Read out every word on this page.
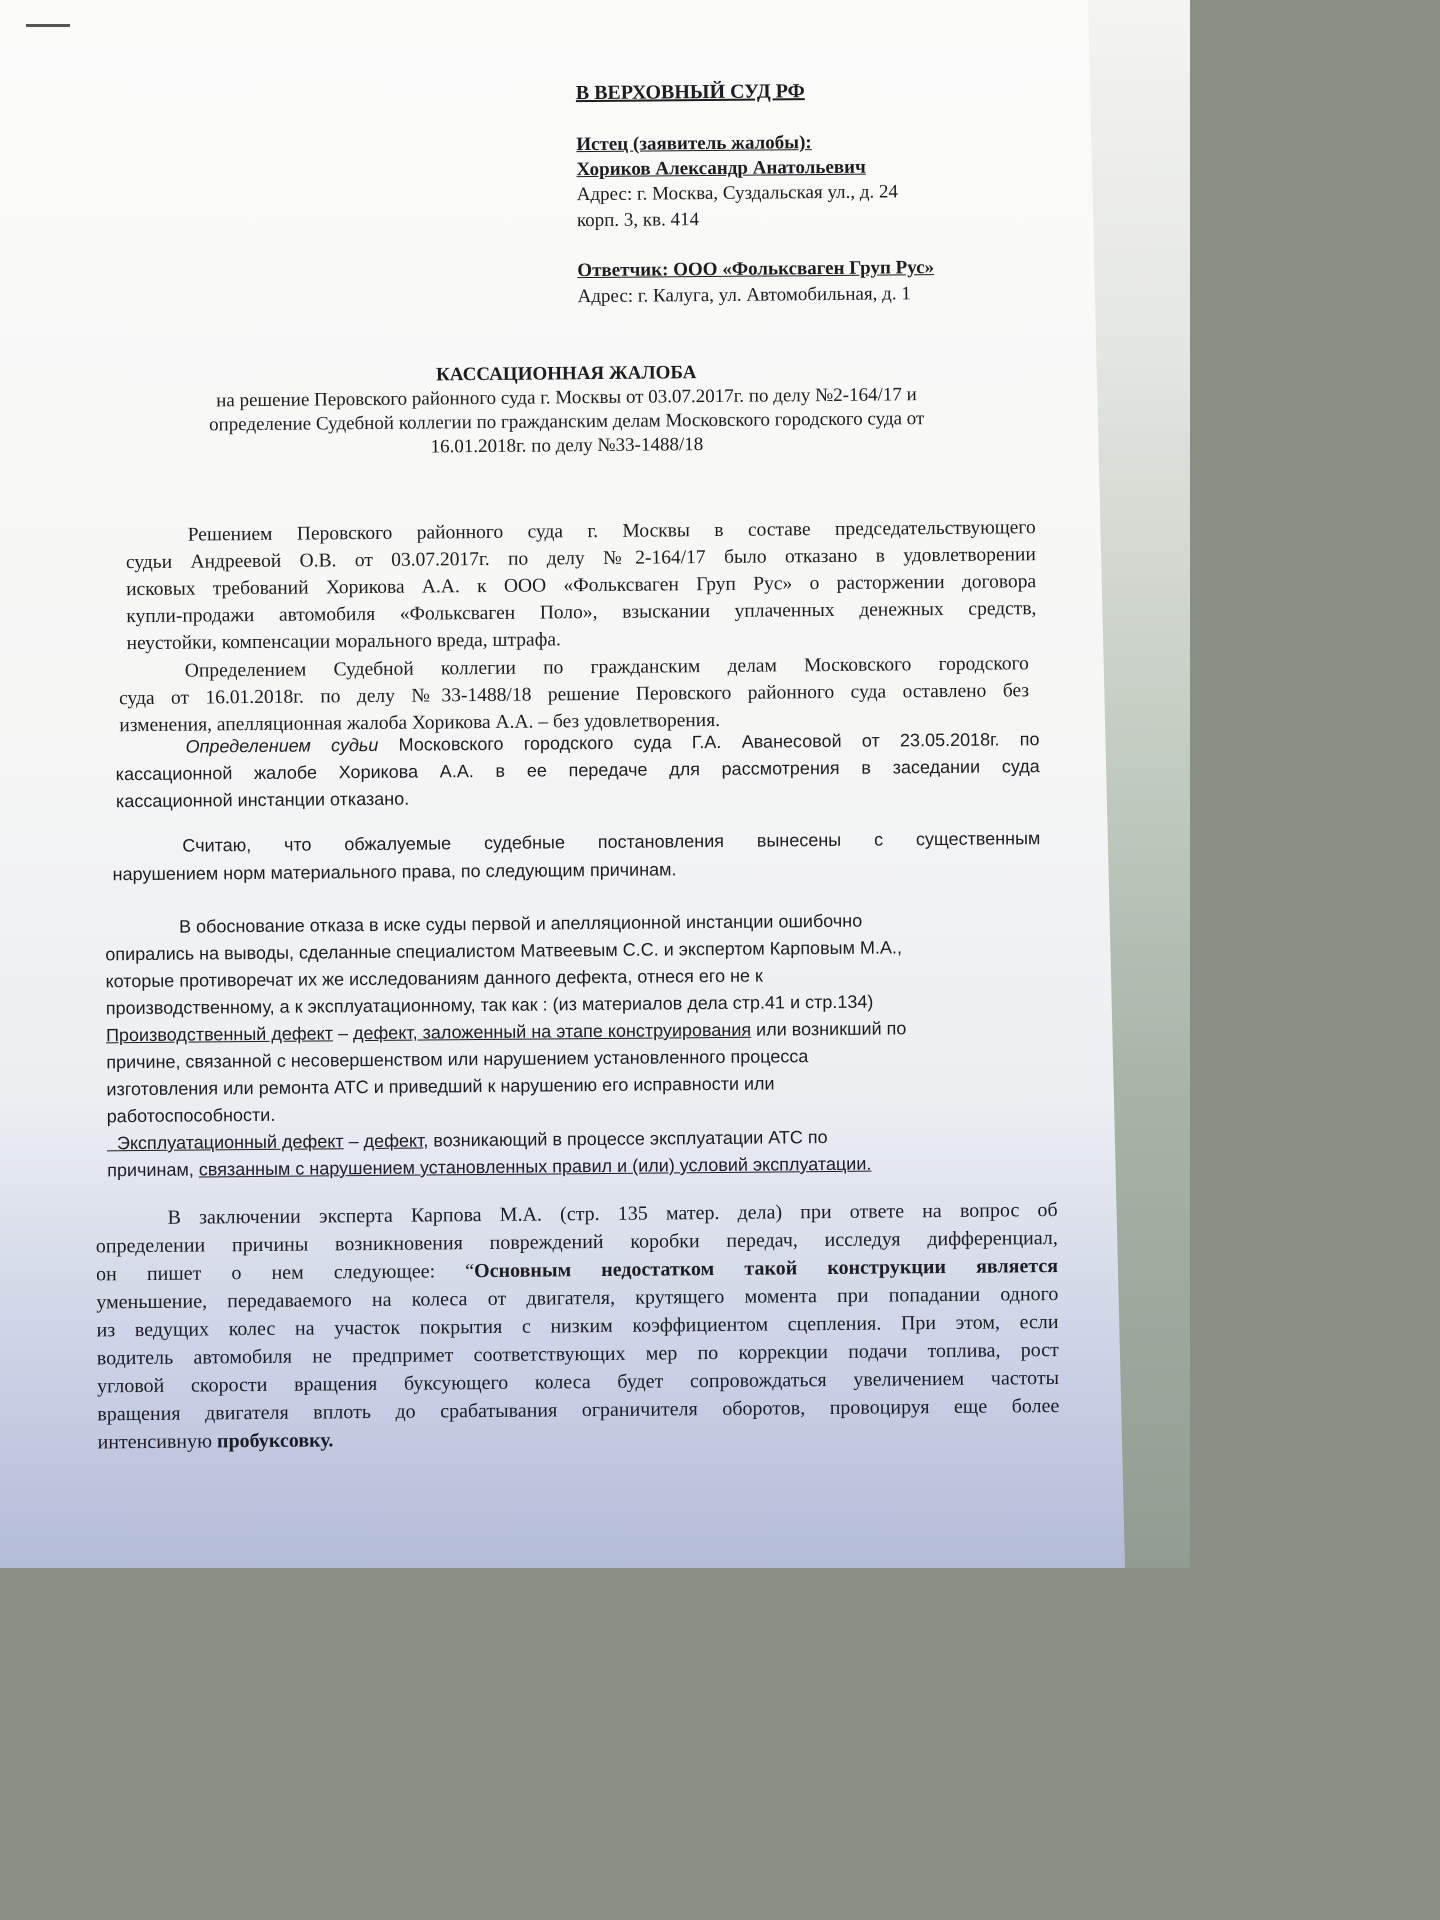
В ВЕРХОВНЫЙ СУД РФ
Истец (заявитель жалобы):
Хориков Александр Анатольевич
Адрес: г. Москва, Суздальская ул., д. 24
корп. 3, кв. 414
Ответчик: ООО «Фольксваген Груп Рус»
Адрес: г. Калуга, ул. Автомобильная, д. 1
КАССАЦИОННАЯ ЖАЛОБА
на решение Перовского районного суда г. Москвы от 03.07.2017г. по делу №2-164/17 и
определение Судебной коллегии по гражданским делам Московского городского суда от
16.01.2018г. по делу №33-1488/18
Решением Перовского районного суда г. Москвы в составе председательствующего
судьи Андреевой О.В. от 03.07.2017г. по делу №2-164/17 было отказано в удовлетворении
исковых требований Хорикова А.А. к ООО «Фольксваген Груп Рус» о расторжении договора
купли-продажи автомобиля «Фольксваген Поло», взыскании уплаченных денежных средств,
неустойки, компенсации морального вреда, штрафа.
Определением Судебной коллегии по гражданским делам Московского городского
суда от 16.01.2018г. по делу №33-1488/18 решение Перовского районного суда оставлено без
изменения, апелляционная жалоба Хорикова А.А. – без удовлетворения.
Определением судьи Московского городского суда Г.А. Аванесовой от 23.05.2018г. по
кассационной жалобе Хорикова А.А. в ее передаче для рассмотрения в заседании суда
кассационной инстанции отказано.
Считаю, что обжалуемые судебные постановления вынесены с существенным
нарушением норм материального права, по следующим причинам.
В обоснование отказа в иске суды первой и апелляционной инстанции ошибочно
опирались на выводы, сделанные специалистом Матвеевым С.С. и экспертом Карповым М.А.,
которые противоречат их же исследованиям данного дефекта, отнеся его не к
производственному, а к эксплуатационному, так как : (из материалов дела стр.41 и стр.134)
Производственный дефект – дефект, заложенный на этапе конструирования или возникший по
причине, связанной с несовершенством или нарушением установленного процесса
изготовления или ремонта АТС и приведший к нарушению его исправности или
работоспособности.
Эксплуатационный дефект – дефект, возникающий в процессе эксплуатации АТС по
причинам, связанным с нарушением установленных правил и (или) условий эксплуатации.
В заключении эксперта Карпова М.А. (стр. 135 матер. дела) при ответе на вопрос об
определении причины возникновения повреждений коробки передач, исследуя дифференциал,
он пишет о нем следующее: “Основным недостатком такой конструкции является
уменьшение, передаваемого на колеса от двигателя, крутящего момента при попадании одного
из ведущих колес на участок покрытия с низким коэффициентом сцепления. При этом, если
водитель автомобиля не предпримет соответствующих мер по коррекции подачи топлива, рост
угловой скорости вращения буксующего колеса будет сопровождаться увеличением частоты
вращения двигателя вплоть до срабатывания ограничителя оборотов, провоцируя еще более
интенсивную пробуксовку.
